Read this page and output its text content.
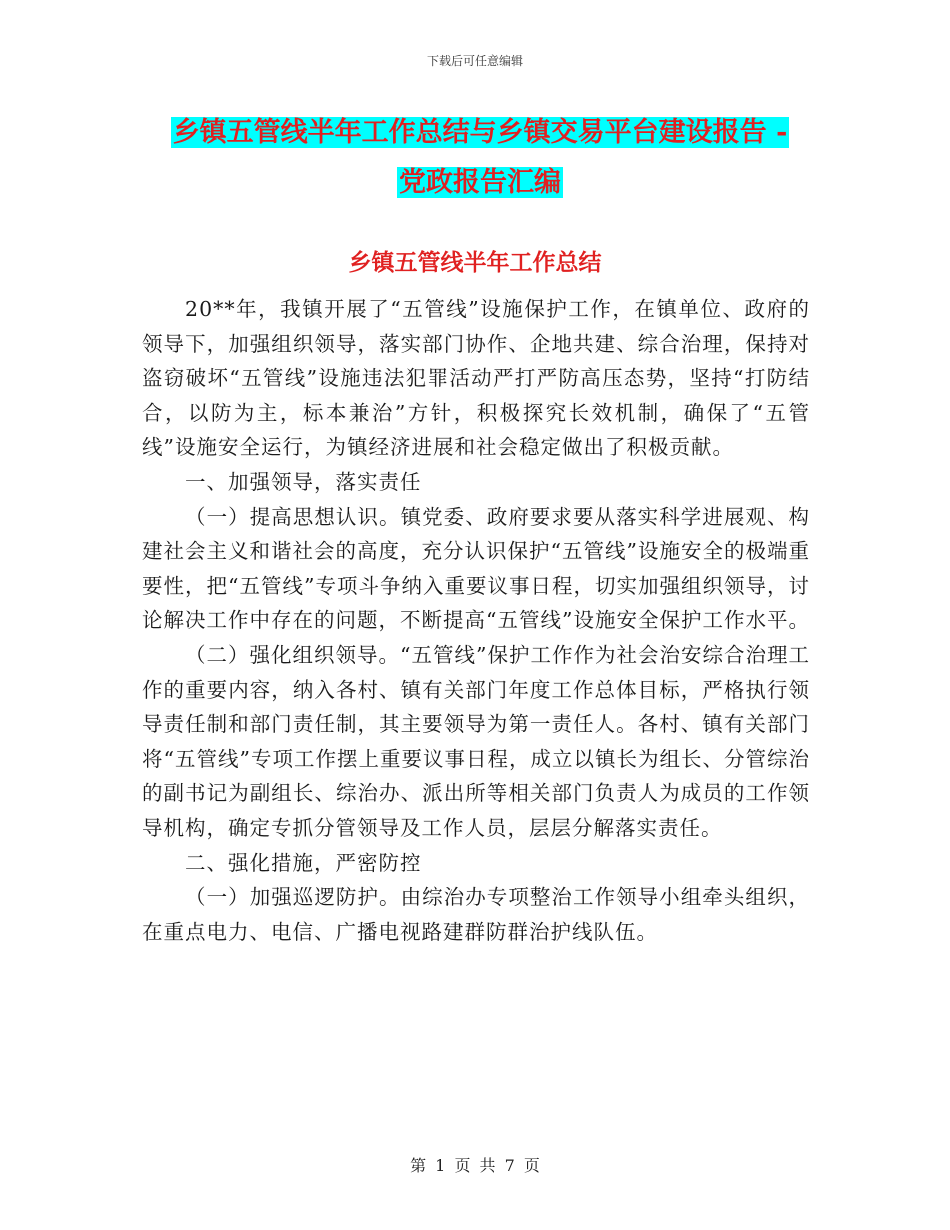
下载后可任意编辑
乡镇五管线半年工作总结与乡镇交易平台建设报告 -
党政报告汇编
乡镇五管线半年工作总结

20**年，我镇开展了“五管线”设施保护工作，在镇单位、政府的领导下，加强组织领导，落实部门协作、企地共建、综合治理，保持对盗窃破坏“五管线”设施违法犯罪活动严打严防高压态势，坚持“打防结合，以防为主，标本兼治”方针，积极探究长效机制，确保了“五管线”设施安全运行，为镇经济进展和社会稳定做出了积极贡献。

一、加强领导，落实责任

（一）提高思想认识。镇党委、政府要求要从落实科学进展观、构建社会主义和谐社会的高度，充分认识保护“五管线”设施安全的极端重要性，把“五管线”专项斗争纳入重要议事日程，切实加强组织领导，讨论解决工作中存在的问题，不断提高“五管线”设施安全保护工作水平。

（二）强化组织领导。“五管线”保护工作作为社会治安综合治理工作的重要内容，纳入各村、镇有关部门年度工作总体目标，严格执行领导责任制和部门责任制，其主要领导为第一责任人。各村、镇有关部门将“五管线”专项工作摆上重要议事日程，成立以镇长为组长、分管综治的副书记为副组长、综治办、派出所等相关部门负责人为成员的工作领导机构，确定专抓分管领导及工作人员，层层分解落实责任。

二、强化措施，严密防控

（一）加强巡逻防护。由综治办专项整治工作领导小组牵头组织，在重点电力、电信、广播电视路建群防群治护线队伍。

第 1 页 共 7 页
